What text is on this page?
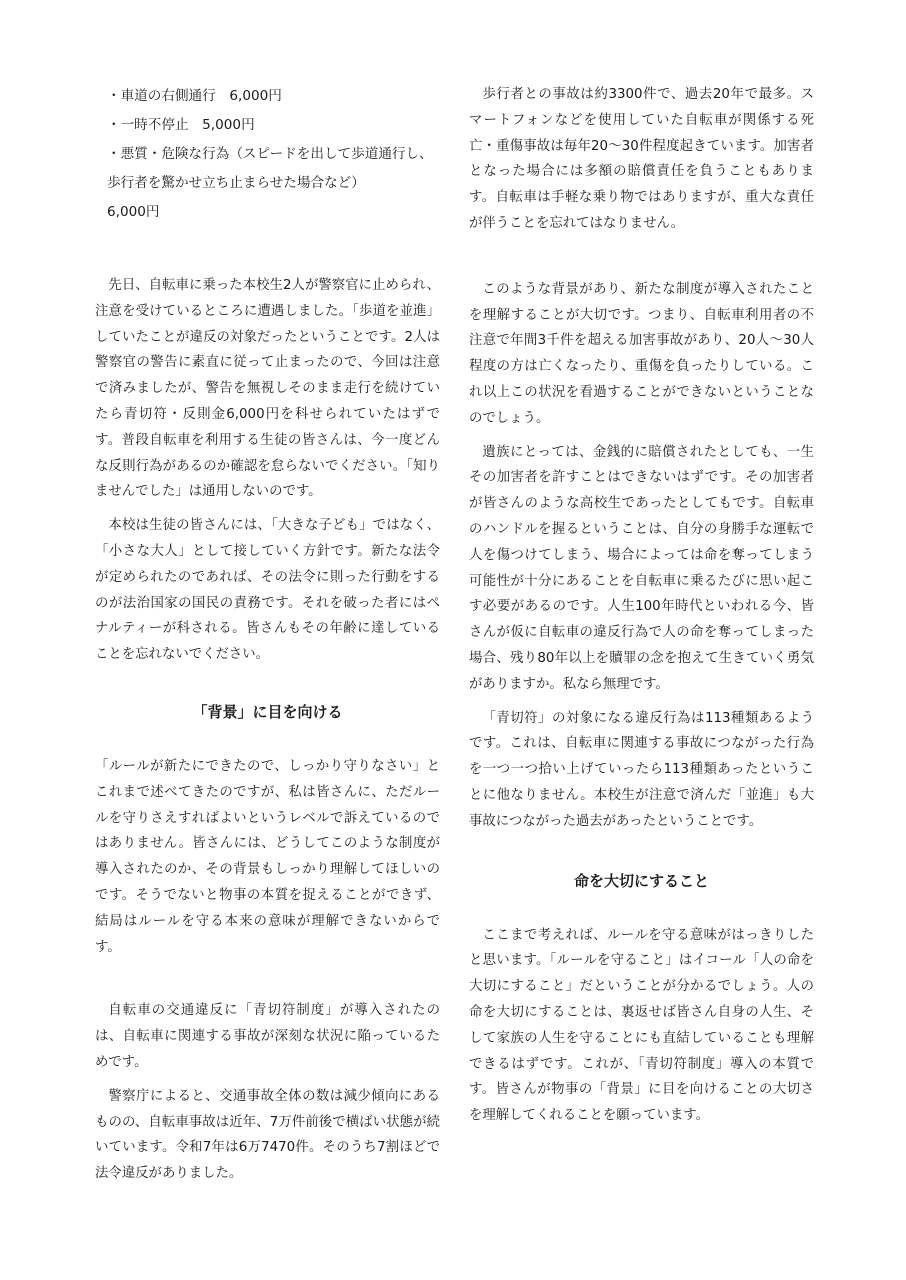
・車道の右側通行　6,000円

・一時不停止　5,000円

・悪質・危険な行為（スピードを出して歩道通行し、歩行者を驚かせ立ち止まらせた場合など）
6,000円

先日、自転車に乗った本校生2人が警察官に止められ、注意を受けているところに遭遇しました。「歩道を並進」していたことが違反の対象だったということです。2人は警察官の警告に素直に従って止まったので、今回は注意で済みましたが、警告を無視しそのまま走行を続けていたら青切符・反則金6,000円を科せられていたはずです。普段自転車を利用する生徒の皆さんは、今一度どんな反則行為があるのか確認を怠らないでください。「知りませんでした」は通用しないのです。

本校は生徒の皆さんには、「大きな子ども」ではなく、「小さな大人」として接していく方針です。新たな法令が定められたのであれば、その法令に則った行動をするのが法治国家の国民の責務です。それを破った者にはペナルティーが科される。皆さんもその年齢に達していることを忘れないでください。

「背景」に目を向ける

「ルールが新たにできたので、しっかり守りなさい」とこれまで述べてきたのですが、私は皆さんに、ただルールを守りさえすればよいというレベルで訴えているのではありません。皆さんには、どうしてこのような制度が導入されたのか、その背景もしっかり理解してほしいのです。そうでないと物事の本質を捉えることができず、結局はルールを守る本来の意味が理解できないからです。

自転車の交通違反に「青切符制度」が導入されたのは、自転車に関連する事故が深刻な状況に陥っているためです。

警察庁によると、交通事故全体の数は減少傾向にあるものの、自転車事故は近年、7万件前後で横ばい状態が続いています。令和7年は6万7470件。そのうち7割ほどで法令違反がありました。

歩行者との事故は約3300件で、過去20年で最多。スマートフォンなどを使用していた自転車が関係する死亡・重傷事故は毎年20～30件程度起きています。加害者となった場合には多額の賠償責任を負うこともあります。自転車は手軽な乗り物ではありますが、重大な責任が伴うことを忘れてはなりません。

このような背景があり、新たな制度が導入されたことを理解することが大切です。つまり、自転車利用者の不注意で年間3千件を超える加害事故があり、20人～30人程度の方は亡くなったり、重傷を負ったりしている。これ以上この状況を看過することができないということなのでしょう。

遺族にとっては、金銭的に賠償されたとしても、一生その加害者を許すことはできないはずです。その加害者が皆さんのような高校生であったとしてもです。自転車のハンドルを握るということは、自分の身勝手な運転で人を傷つけてしまう、場合によっては命を奪ってしまう可能性が十分にあることを自転車に乗るたびに思い起こす必要があるのです。人生100年時代といわれる今、皆さんが仮に自転車の違反行為で人の命を奪ってしまった場合、残り80年以上を贖罪の念を抱えて生きていく勇気がありますか。私なら無理です。

「青切符」の対象になる違反行為は113種類あるようです。これは、自転車に関連する事故につながった行為を一つ一つ拾い上げていったら113種類あったということに他なりません。本校生が注意で済んだ「並進」も大事故につながった過去があったということです。

命を大切にすること

ここまで考えれば、ルールを守る意味がはっきりしたと思います。「ルールを守ること」はイコール「人の命を大切にすること」だということが分かるでしょう。人の命を大切にすることは、裏返せば皆さん自身の人生、そして家族の人生を守ることにも直結していることも理解できるはずです。これが、「青切符制度」導入の本質です。皆さんが物事の「背景」に目を向けることの大切さを理解してくれることを願っています。
